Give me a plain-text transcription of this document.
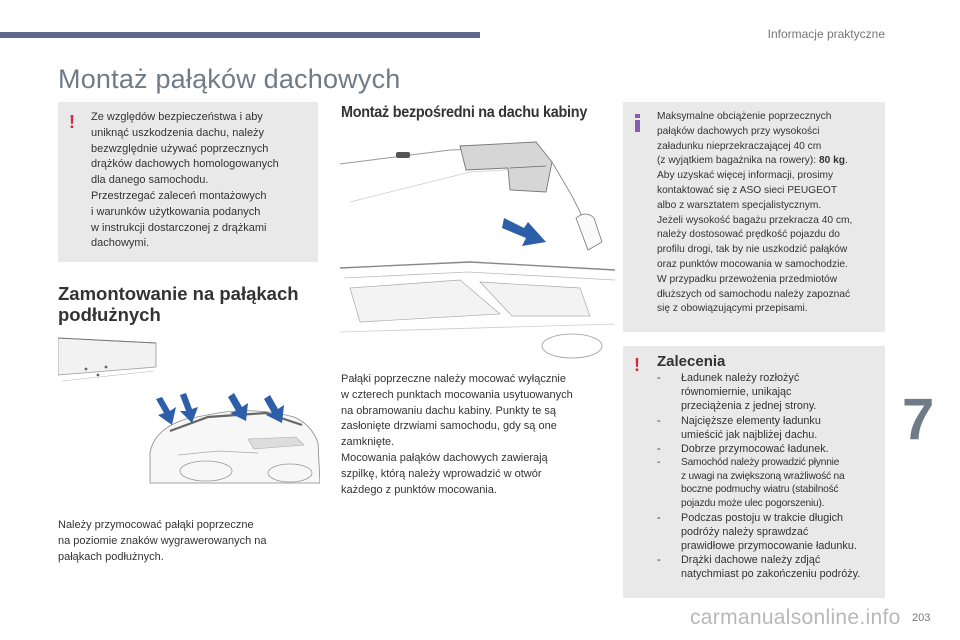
Informacje praktyczne
Montaż pałąków dachowych
! Ze względów bezpieczeństwa i aby
uniknąć uszkodzenia dachu, należy
bezwzględnie używać poprzecznych
drążków dachowych homologowanych
dla danego samochodu.
Przestrzegać zaleceń montażowych
i warunków użytkowania podanych
w instrukcji dostarczonej z drążkami
dachowymi.

Zamontowanie na pałąkach podłużnych

Należy przymocować pałąki poprzeczne
na poziomie znaków wygrawerowanych na
pałąkach podłużnych.

Montaż bezpośredni na dachu kabiny

Pałąki poprzeczne należy mocować wyłącznie
w czterech punktach mocowania usytuowanych
na obramowaniu dachu kabiny. Punkty te są
zasłonięte drzwiami samochodu, gdy są one
zamknięte.
Mocowania pałąków dachowych zawierają
szpilkę, którą należy wprowadzić w otwór
każdego z punktów mocowania.

Maksymalne obciążenie poprzecznych
pałąków dachowych przy wysokości
załadunku nieprzekraczającej 40 cm
(z wyjątkiem bagażnika na rowery): 80 kg.
Aby uzyskać więcej informacji, prosimy
kontaktować się z ASO sieci PEUGEOT
albo z warsztatem specjalistycznym.
Jeżeli wysokość bagażu przekracza 40 cm,
należy dostosować prędkość pojazdu do
profilu drogi, tak by nie uszkodzić pałąków
oraz punktów mocowania w samochodzie.
W przypadku przewożenia przedmiotów
dłuższych od samochodu należy zapoznać
się z obowiązującymi przepisami.

! Zalecenia
- Ładunek należy rozłożyć
równomiernie, unikając
przeciążenia z jednej strony.
- Najcięższe elementy ładunku
umieścić jak najbliżej dachu.
- Dobrze przymocować ładunek.
- Samochód należy prowadzić płynnie
z uwagi na zwiększoną wrażliwość na
boczne podmuchy wiatru (stabilność
pojazdu może ulec pogorszeniu).
- Podczas postoju w trakcie długich
podróży należy sprawdzać
prawidłowe przymocowanie ładunku.
- Drążki dachowe należy zdjąć
natychmiast po zakończeniu podróży.
7
203
carmanualsonline.info
